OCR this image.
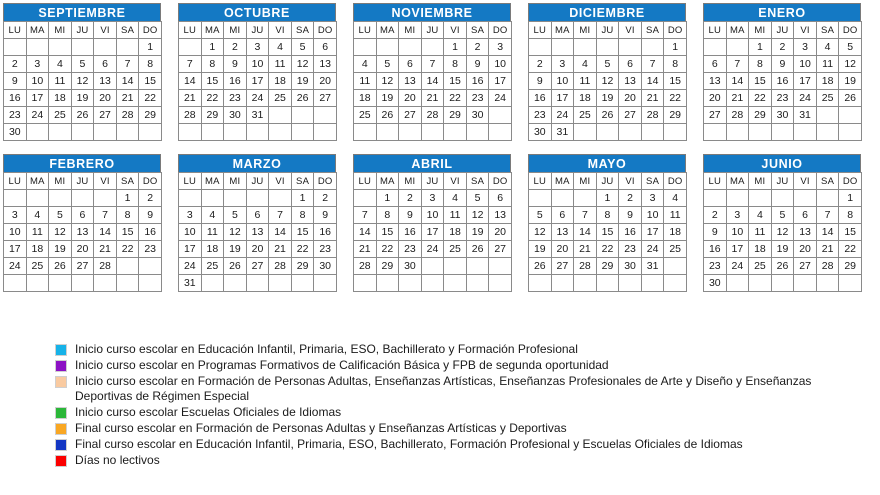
SEPTIEMBRE
LU	MA	MI	JU	VI	SA	DO
						1
2	3	4	5	6	7	8
9	10	11	12	13	14	15
16	17	18	19	20	21	22
23	24	25	26	27	28	29
30						
OCTUBRE
LU	MA	MI	JU	VI	SA	DO
	1	2	3	4	5	6
7	8	9	10	11	12	13
14	15	16	17	18	19	20
21	22	23	24	25	26	27
28	29	30	31			

NOVIEMBRE
LU	MA	MI	JU	VI	SA	DO
				1	2	3
4	5	6	7	8	9	10
11	12	13	14	15	16	17
18	19	20	21	22	23	24
25	26	27	28	29	30	

DICIEMBRE
LU	MA	MI	JU	VI	SA	DO
						1
2	3	4	5	6	7	8
9	10	11	12	13	14	15
16	17	18	19	20	21	22
23	24	25	26	27	28	29
30	31					
ENERO
LU	MA	MI	JU	VI	SA	DO
		1	2	3	4	5
6	7	8	9	10	11	12
13	14	15	16	17	18	19
20	21	22	23	24	25	26
27	28	29	30	31		

FEBRERO
LU	MA	MI	JU	VI	SA	DO
					1	2
3	4	5	6	7	8	9
10	11	12	13	14	15	16
17	18	19	20	21	22	23
24	25	26	27	28		

MARZO
LU	MA	MI	JU	VI	SA	DO
					1	2
3	4	5	6	7	8	9
10	11	12	13	14	15	16
17	18	19	20	21	22	23
24	25	26	27	28	29	30
31						
ABRIL
LU	MA	MI	JU	VI	SA	DO
	1	2	3	4	5	6
7	8	9	10	11	12	13
14	15	16	17	18	19	20
21	22	23	24	25	26	27
28	29	30				

MAYO
LU	MA	MI	JU	VI	SA	DO
			1	2	3	4
5	6	7	8	9	10	11
12	13	14	15	16	17	18
19	20	21	22	23	24	25
26	27	28	29	30	31	

JUNIO
LU	MA	MI	JU	VI	SA	DO
						1
2	3	4	5	6	7	8
9	10	11	12	13	14	15
16	17	18	19	20	21	22
23	24	25	26	27	28	29
30						
Inicio curso escolar en Educación Infantil, Primaria, ESO, Bachillerato y Formación Profesional
Inicio curso escolar en Programas Formativos de Calificación Básica y FPB de segunda oportunidad
Inicio curso escolar en Formación de Personas Adultas, Enseñanzas Artísticas, Enseñanzas Profesionales de Arte y Diseño y Enseñanzas Deportivas de Régimen Especial
Inicio curso escolar Escuelas Oficiales de Idiomas
Final curso escolar en Formación de Personas Adultas y Enseñanzas Artísticas y Deportivas
Final curso escolar en Educación Infantil, Primaria, ESO, Bachillerato, Formación Profesional y Escuelas Oficiales de Idiomas
Días no lectivos
